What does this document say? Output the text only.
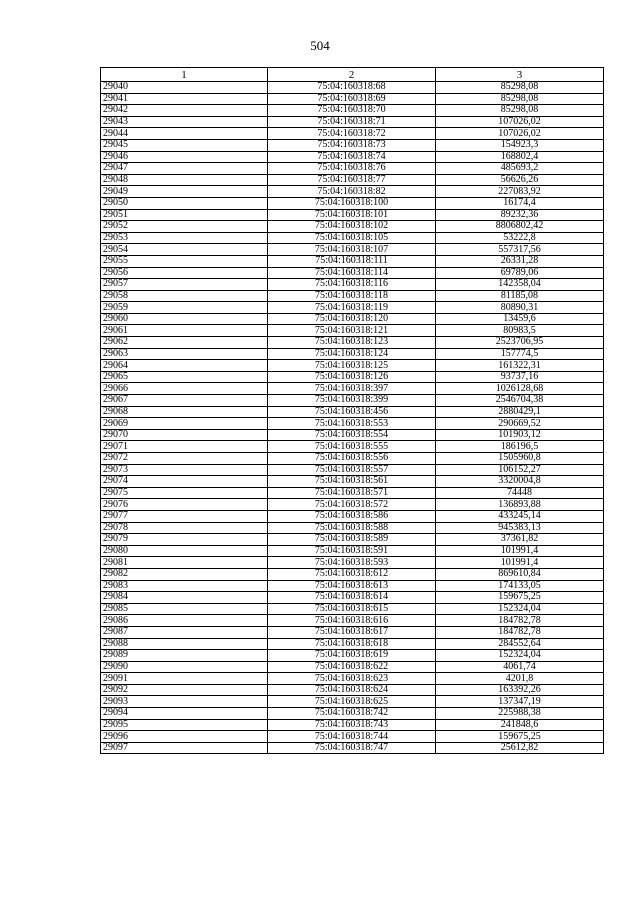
504
1	2	3
29040	75:04:160318:68	85298,08
29041	75:04:160318:69	85298,08
29042	75:04:160318:70	85298,08
29043	75:04:160318:71	107026,02
29044	75:04:160318:72	107026,02
29045	75:04:160318:73	154923,3
29046	75:04:160318:74	168802,4
29047	75:04:160318:76	485693,2
29048	75:04:160318:77	56626,26
29049	75:04:160318:82	227083,92
29050	75:04:160318:100	16174,4
29051	75:04:160318:101	89232,36
29052	75:04:160318:102	8806802,42
29053	75:04:160318:105	53222,8
29054	75:04:160318:107	557317,56
29055	75:04:160318:111	26331,28
29056	75:04:160318:114	69789,06
29057	75:04:160318:116	142358,04
29058	75:04:160318:118	81185,08
29059	75:04:160318:119	80890,31
29060	75:04:160318:120	13459,6
29061	75:04:160318:121	80983,5
29062	75:04:160318:123	2523706,95
29063	75:04:160318:124	157774,5
29064	75:04:160318:125	161322,31
29065	75:04:160318:126	93737,16
29066	75:04:160318:397	1026128,68
29067	75:04:160318:399	2546704,38
29068	75:04:160318:456	2880429,1
29069	75:04:160318:553	290669,52
29070	75:04:160318:554	101903,12
29071	75:04:160318:555	186196,5
29072	75:04:160318:556	1505960,8
29073	75:04:160318:557	106152,27
29074	75:04:160318:561	3320004,8
29075	75:04:160318:571	74448
29076	75:04:160318:572	136893,88
29077	75:04:160318:586	433245,14
29078	75:04:160318:588	945383,13
29079	75:04:160318:589	37361,82
29080	75:04:160318:591	101991,4
29081	75:04:160318:593	101991,4
29082	75:04:160318:612	869610,84
29083	75:04:160318:613	174133,05
29084	75:04:160318:614	159675,25
29085	75:04:160318:615	152324,04
29086	75:04:160318:616	184782,78
29087	75:04:160318:617	184782,78
29088	75:04:160318:618	284552,64
29089	75:04:160318:619	152324,04
29090	75:04:160318:622	4061,74
29091	75:04:160318:623	4201,8
29092	75:04:160318:624	163392,26
29093	75:04:160318:625	137347,19
29094	75:04:160318:742	225988,38
29095	75:04:160318:743	241848,6
29096	75:04:160318:744	159675,25
29097	75:04:160318:747	25612,82
